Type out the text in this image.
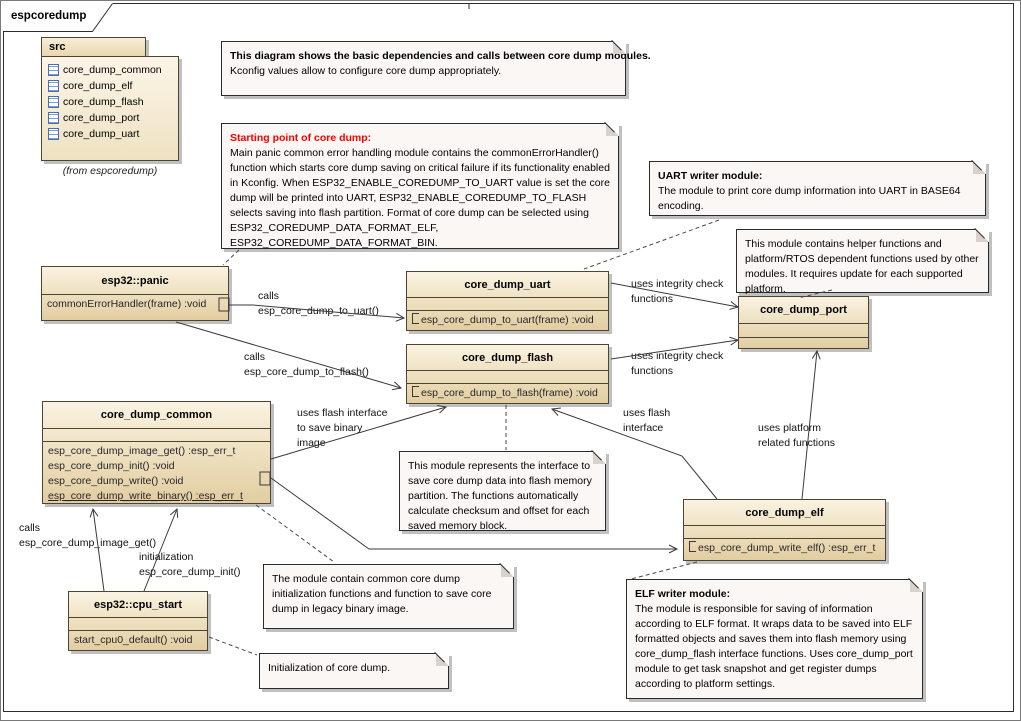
espcoredump
src
core_dump_common
core_dump_elf
core_dump_flash
core_dump_port
core_dump_uart
(from espcoredump)
This diagram shows the basic dependencies and calls between core dump modules.
Kconfig values allow to configure core dump appropriately.
Starting point of core dump:
Main panic common error handling module contains the commonErrorHandler() function which starts core dump saving on critical failure if its functionality enabled in Kconfig. When ESP32_ENABLE_COREDUMP_TO_UART value is set the core dump will be printed into UART, ESP32_ENABLE_COREDUMP_TO_FLASH selects saving into flash partition. Format of core dump can be selected using ESP32_COREDUMP_DATA_FORMAT_ELF, ESP32_COREDUMP_DATA_FORMAT_BIN.
UART writer module:
The module to print core dump information into UART in BASE64 encoding.
This module contains helper functions and platform/RTOS dependent functions used by other modules. It requires update for each supported platform.
This module represents the interface to save core dump data into flash memory partition. The functions automatically calculate checksum and offset for each saved memory block.
The module contain common core dump initialization functions and function to save core dump in legacy binary image.
Initialization of core dump.
ELF writer module:
The module is responsible for saving of information according to ELF format. It wraps data to be saved into ELF formatted objects and saves them into flash memory using core_dump_flash interface functions. Uses core_dump_port module to get task snapshot and get register dumps according to platform settings.
esp32::panic
commonErrorHandler(frame) :void
core_dump_uart
esp_core_dump_to_uart(frame) :void
core_dump_flash
esp_core_dump_to_flash(frame) :void
core_dump_port
core_dump_common
esp_core_dump_image_get() :esp_err_t
esp_core_dump_init() :void
esp_core_dump_write() :void
esp_core_dump_write_binary() :esp_err_t
core_dump_elf
esp_core_dump_write_elf() :esp_err_t
esp32::cpu_start
start_cpu0_default() :void
calls
esp_core_dump_to_uart()
calls
esp_core_dump_to_flash()
uses integrity check
functions
uses integrity check
functions
uses flash interface
to save binary
image
uses flash
interface	uses platform
related functions
calls
esp_core_dump_image_get()
initialization
esp_core_dump_init()
